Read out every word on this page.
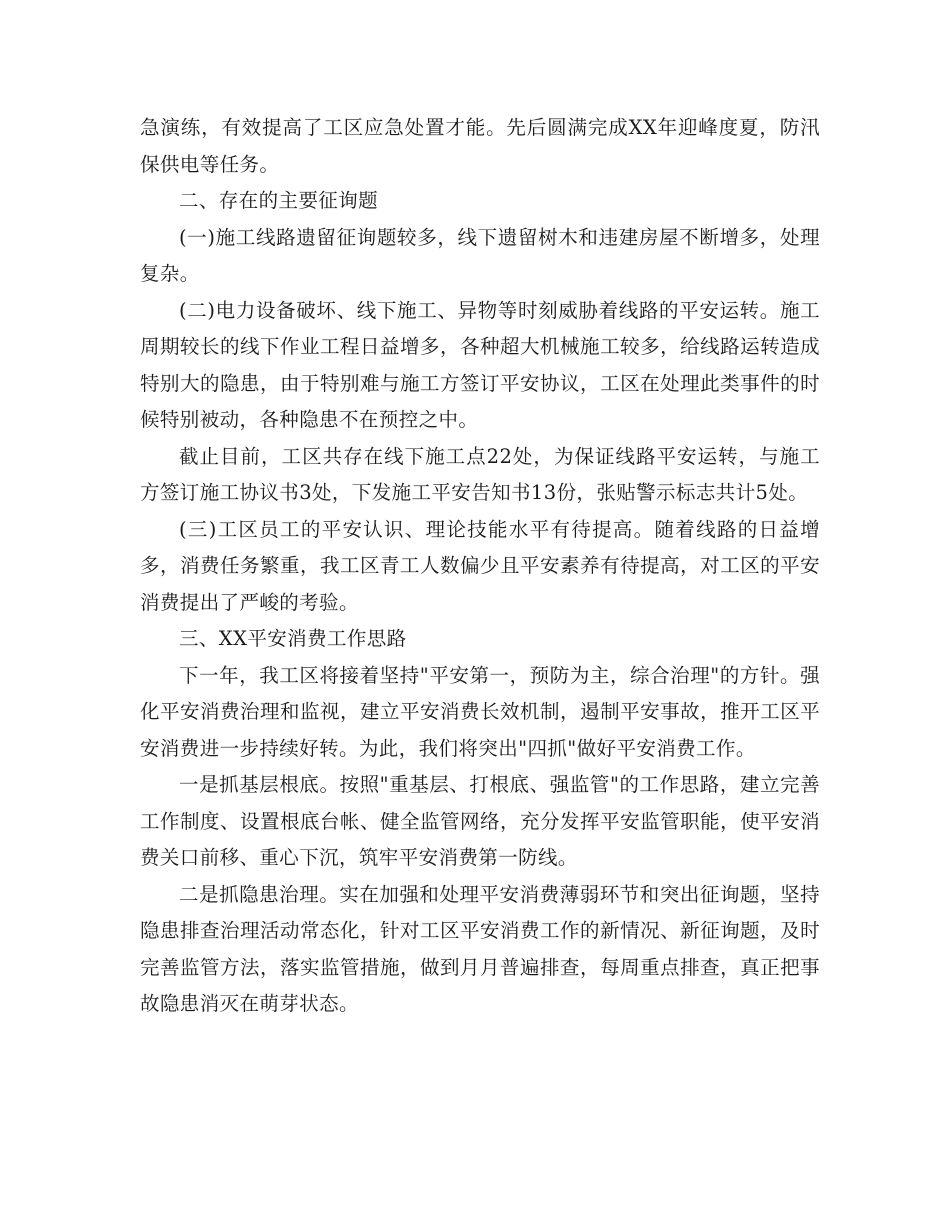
急演练，有效提高了工区应急处置才能。先后圆满完成XX年迎峰度夏，防汛保供电等任务。

二、存在的主要征询题

(一)施工线路遗留征询题较多，线下遗留树木和违建房屋不断增多，处理复杂。

(二)电力设备破坏、线下施工、异物等时刻威胁着线路的平安运转。施工周期较长的线下作业工程日益增多，各种超大机械施工较多，给线路运转造成特别大的隐患，由于特别难与施工方签订平安协议，工区在处理此类事件的时候特别被动，各种隐患不在预控之中。

截止目前，工区共存在线下施工点22处，为保证线路平安运转，与施工方签订施工协议书3处，下发施工平安告知书13份，张贴警示标志共计5处。

(三)工区员工的平安认识、理论技能水平有待提高。随着线路的日益增多，消费任务繁重，我工区青工人数偏少且平安素养有待提高，对工区的平安消费提出了严峻的考验。

三、XX平安消费工作思路

下一年，我工区将接着坚持"平安第一，预防为主，综合治理"的方针。强化平安消费治理和监视，建立平安消费长效机制，遏制平安事故，推开工区平安消费进一步持续好转。为此，我们将突出"四抓"做好平安消费工作。

一是抓基层根底。按照"重基层、打根底、强监管"的工作思路，建立完善工作制度、设置根底台帐、健全监管网络，充分发挥平安监管职能，使平安消费关口前移、重心下沉，筑牢平安消费第一防线。

二是抓隐患治理。实在加强和处理平安消费薄弱环节和突出征询题，坚持隐患排查治理活动常态化，针对工区平安消费工作的新情况、新征询题，及时完善监管方法，落实监管措施，做到月月普遍排查，每周重点排查，真正把事故隐患消灭在萌芽状态。
